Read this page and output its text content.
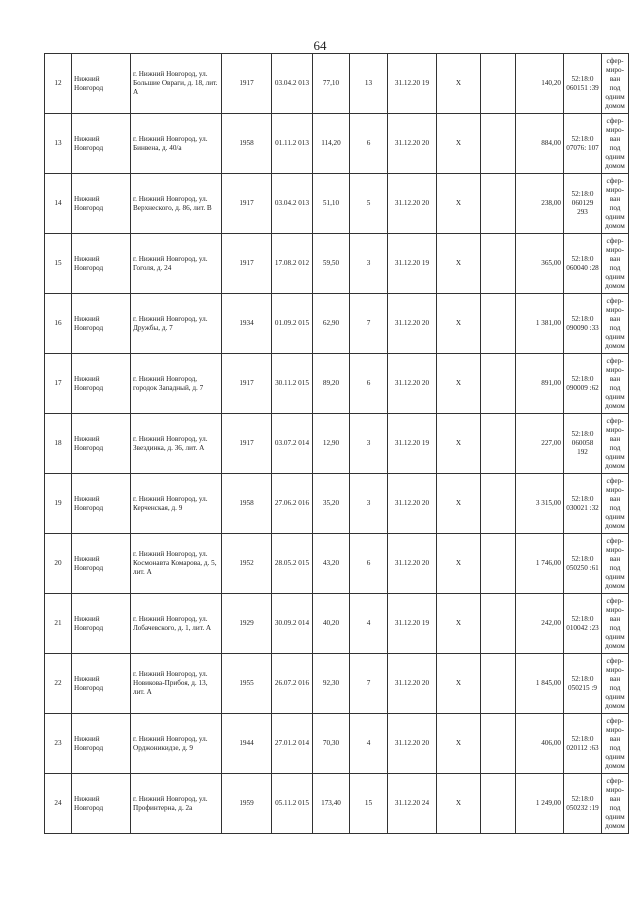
64
12	Нижний Новгород	г. Нижний Новгород, ул. Большие Овраги, д. 18, лит. А	1917	03.04.2 013	77,10	13	31.12.20 19	X		140,20	52:18:0 060151 :39	сфер-миро-ван под одним домом
13	Нижний Новгород	г. Нижний Новгород, ул. Бинвена, д. 40/а	1958	01.11.2 013	114,20	6	31.12.20 20	X		884,00	52:18:0 07076: 107	сфер-миро-ван под одним домом
14	Нижний Новгород	г. Нижний Новгород, ул. Верхнеского, д. 86, лит. В	1917	03.04.2 013	51,10	5	31.12.20 20	X		238,00	52:18:0 060129 293	сфер-миро-ван под одним домом
15	Нижний Новгород	г. Нижний Новгород, ул. Гоголя, д. 24	1917	17.08.2 012	59,50	3	31.12.20 19	X		365,00	52:18:0 060040 :28	сфер-миро-ван под одним домом
16	Нижний Новгород	г. Нижний Новгород, ул. Дружбы, д. 7	1934	01.09.2 015	62,90	7	31.12.20 20	X		1 381,00	52:18:0 090090 :33	сфер-миро-ван под одним домом
17	Нижний Новгород	г. Нижний Новгород, городок Западный, д. 7	1917	30.11.2 015	89,20	6	31.12.20 20	X		891,00	52:18:0 090009 :62	сфер-миро-ван под одним домом
18	Нижний Новгород	г. Нижний Новгород, ул. Звездинка, д. 36, лит. А	1917	03.07.2 014	12,90	3	31.12.20 19	X		227,00	52:18:0 060058 192	сфер-миро-ван под одним домом
19	Нижний Новгород	г. Нижний Новгород, ул. Керченская, д. 9	1958	27.06.2 016	35,20	3	31.12.20 20	X		3 315,00	52:18:0 030021 :32	сфер-миро-ван под одним домом
20	Нижний Новгород	г. Нижний Новгород, ул. Космонавта Комарова, д. 5, лит. А	1952	28.05.2 015	43,20	6	31.12.20 20	X		1 746,00	52:18:0 050250 :61	сфер-миро-ван под одним домом
21	Нижний Новгород	г. Нижний Новгород, ул. Лобачевского, д. 1, лит. А	1929	30.09.2 014	40,20	4	31.12.20 19	X		242,00	52:18:0 010042 :23	сфер-миро-ван под одним домом
22	Нижний Новгород	г. Нижний Новгород, ул. Новикова-Прибоя, д. 13, лит. А	1955	26.07.2 016	92,30	7	31.12.20 20	X		1 845,00	52:18:0 050215 :9	сфер-миро-ван под одним домом
23	Нижний Новгород	г. Нижний Новгород, ул. Орджоникидзе, д. 9	1944	27.01.2 014	70,30	4	31.12.20 20	X		406,00	52:18:0 020112 :63	сфер-миро-ван под одним домом
24	Нижний Новгород	г. Нижний Новгород, ул. Профинтерна, д. 2а	1959	05.11.2 015	173,40	15	31.12.20 24	X		1 249,00	52:18:0 050232 :19	сфер-миро-ван под одним домом
